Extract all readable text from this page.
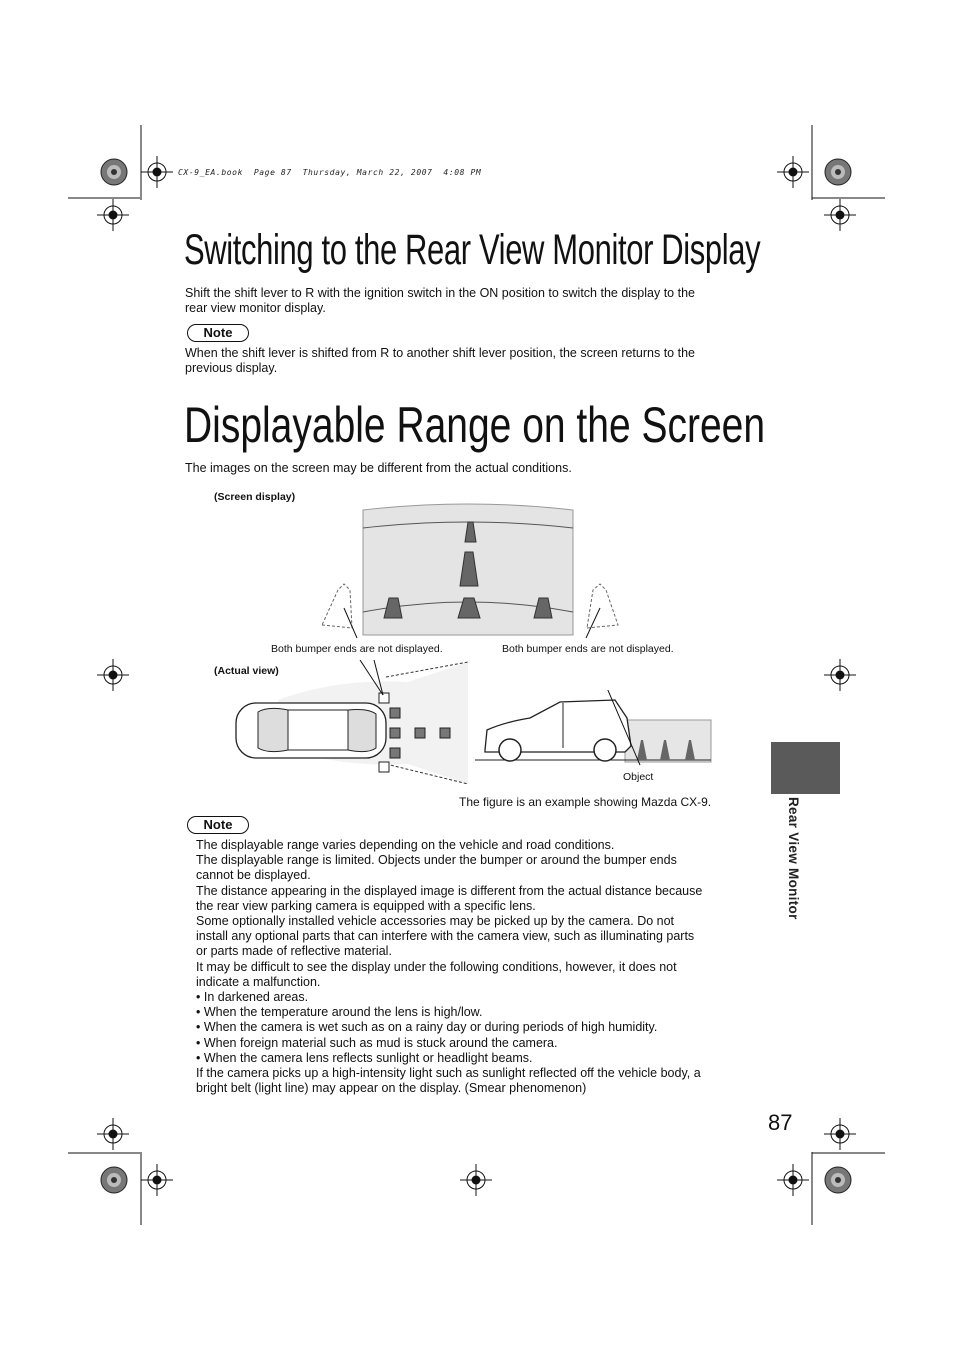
CX-9_EA.book  Page 87  Thursday, March 22, 2007  4:08 PM
Switching to the Rear View Monitor Display
Shift the shift lever to R with the ignition switch in the ON position to switch the display to the
rear view monitor display.
Note
When the shift lever is shifted from R to another shift lever position, the screen returns to the
previous display.
Displayable Range on the Screen
The images on the screen may be different from the actual conditions.
(Screen display)
Both bumper ends are not displayed.	Both bumper ends are not displayed.
(Actual view)
Object
The figure is an example showing Mazda CX-9.
Note
The displayable range varies depending on the vehicle and road conditions.
The displayable range is limited. Objects under the bumper or around the bumper ends
cannot be displayed.
The distance appearing in the displayed image is different from the actual distance because
the rear view parking camera is equipped with a specific lens.
Some optionally installed vehicle accessories may be picked up by the camera. Do not
install any optional parts that can interfere with the camera view, such as illuminating parts
or parts made of reflective material.
It may be difficult to see the display under the following conditions, however, it does not
indicate a malfunction.
• In darkened areas.
• When the temperature around the lens is high/low.
• When the camera is wet such as on a rainy day or during periods of high humidity.
• When foreign material such as mud is stuck around the camera.
• When the camera lens reflects sunlight or headlight beams.
If the camera picks up a high-intensity light such as sunlight reflected off the vehicle body, a
bright belt (light line) may appear on the display. (Smear phenomenon)
Rear View Monitor
87
